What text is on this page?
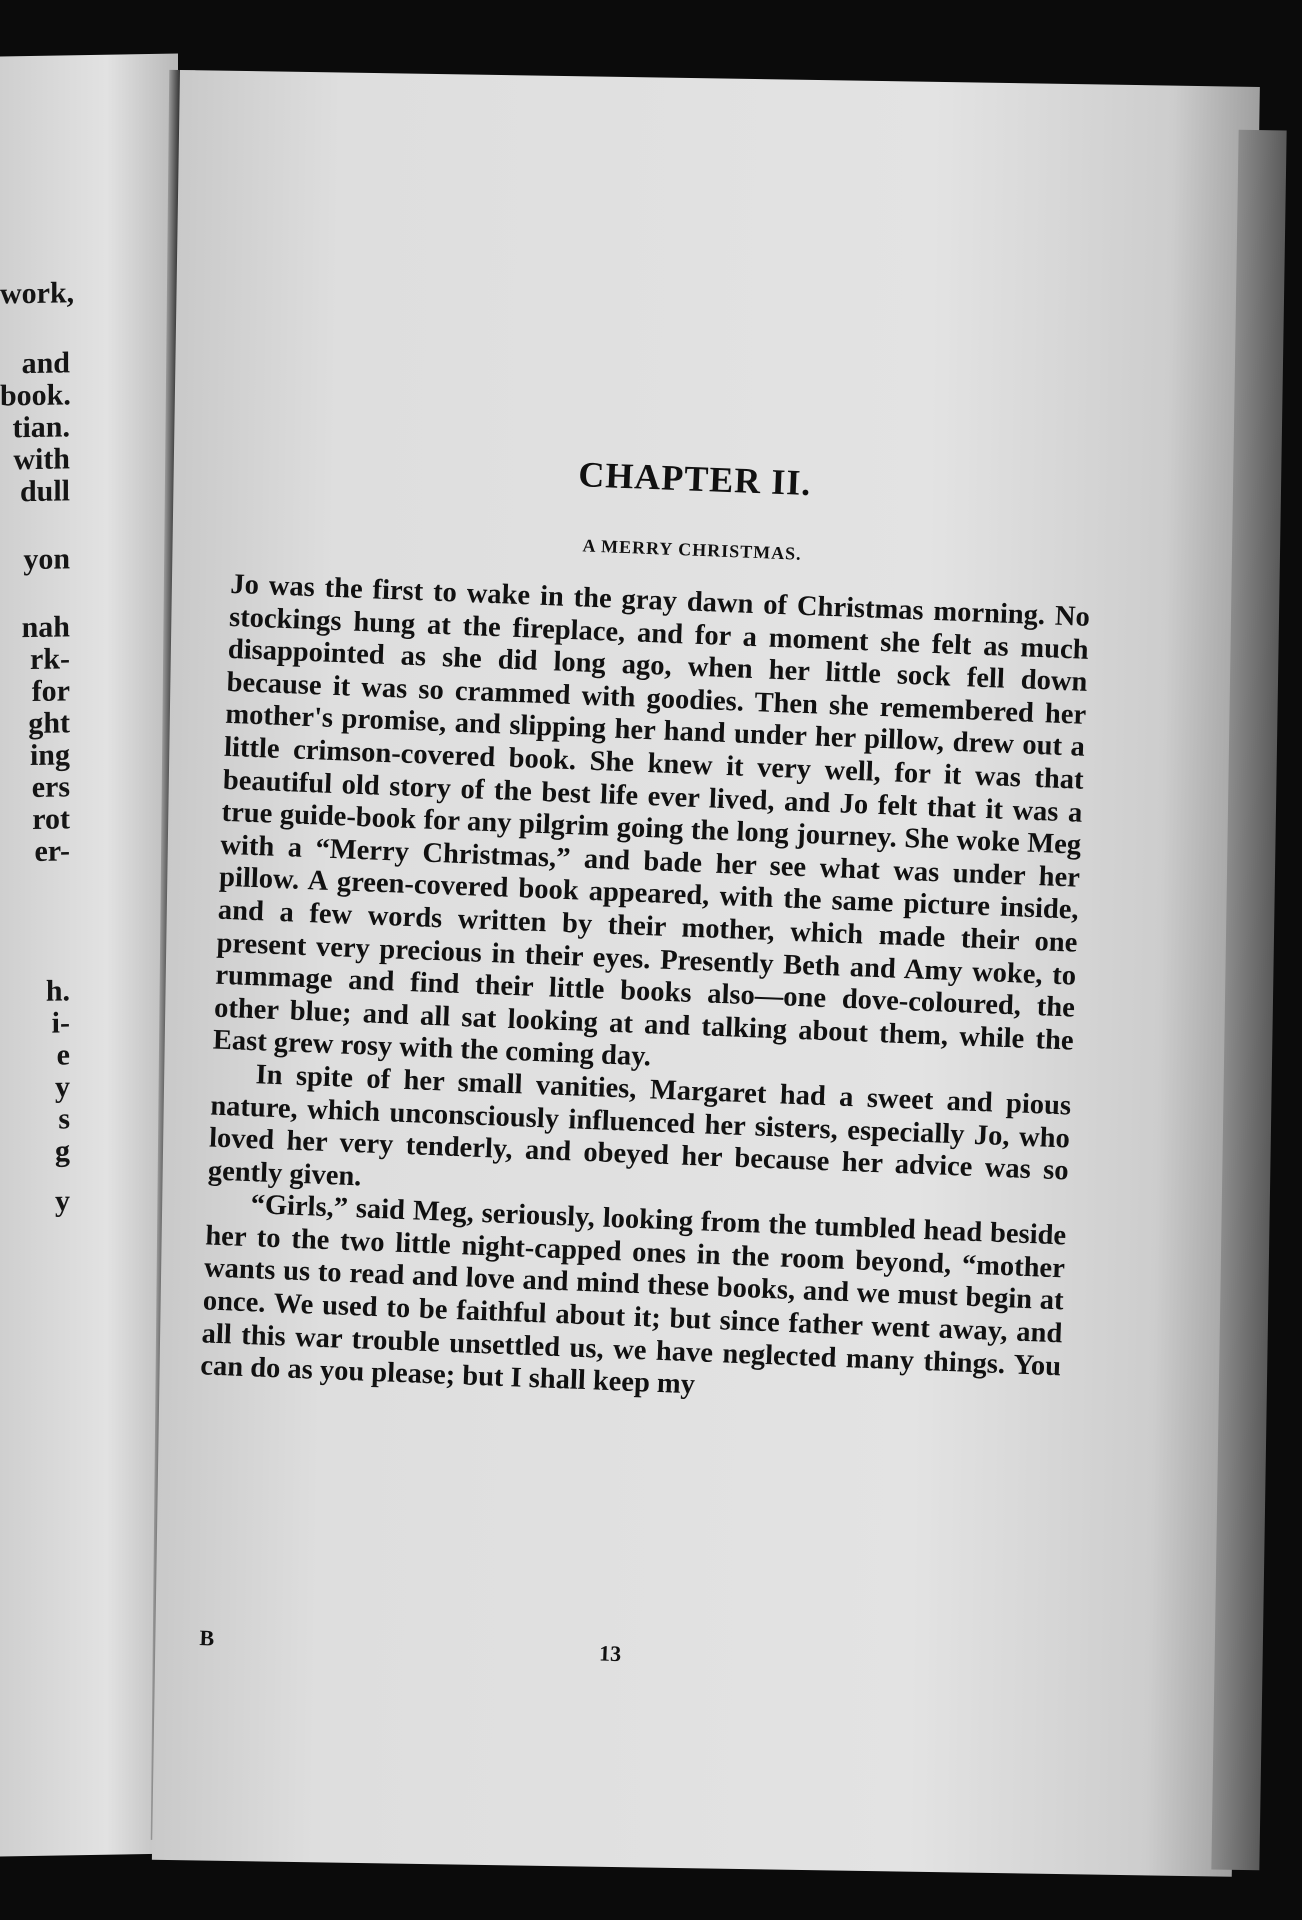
work,
and
book.
tian.
with
dull
yon
nah
rk-
for
ght
ing
ers
rot
er-
h.
i-
e
y
s
g
y
CHAPTER II.
A MERRY CHRISTMAS.

Jo was the first to wake in the gray dawn of Christmas morning. No stockings hung at the fireplace, and for a moment she felt as much disappointed as she did long ago, when her little sock fell down because it was so crammed with goodies. Then she remembered her mother's promise, and slipping her hand under her pillow, drew out a little crimson-covered book. She knew it very well, for it was that beautiful old story of the best life ever lived, and Jo felt that it was a true guide-book for any pilgrim going the long journey. She woke Meg with a “Merry Christmas,” and bade her see what was under her pillow. A green-covered book appeared, with the same picture inside, and a few words written by their mother, which made their one present very precious in their eyes. Presently Beth and Amy woke, to rummage and find their little books also—one dove-coloured, the other blue; and all sat looking at and talking about them, while the East grew rosy with the coming day.

In spite of her small vanities, Margaret had a sweet and pious nature, which unconsciously influenced her sisters, especially Jo, who loved her very tenderly, and obeyed her because her advice was so gently given.

“Girls,” said Meg, seriously, looking from the tumbled head beside her to the two little night-capped ones in the room beyond, “mother wants us to read and love and mind these books, and we must begin at once. We used to be faithful about it; but since father went away, and all this war trouble unsettled us, we have neglected many things. You can do as you please; but I shall keep my

B
13
